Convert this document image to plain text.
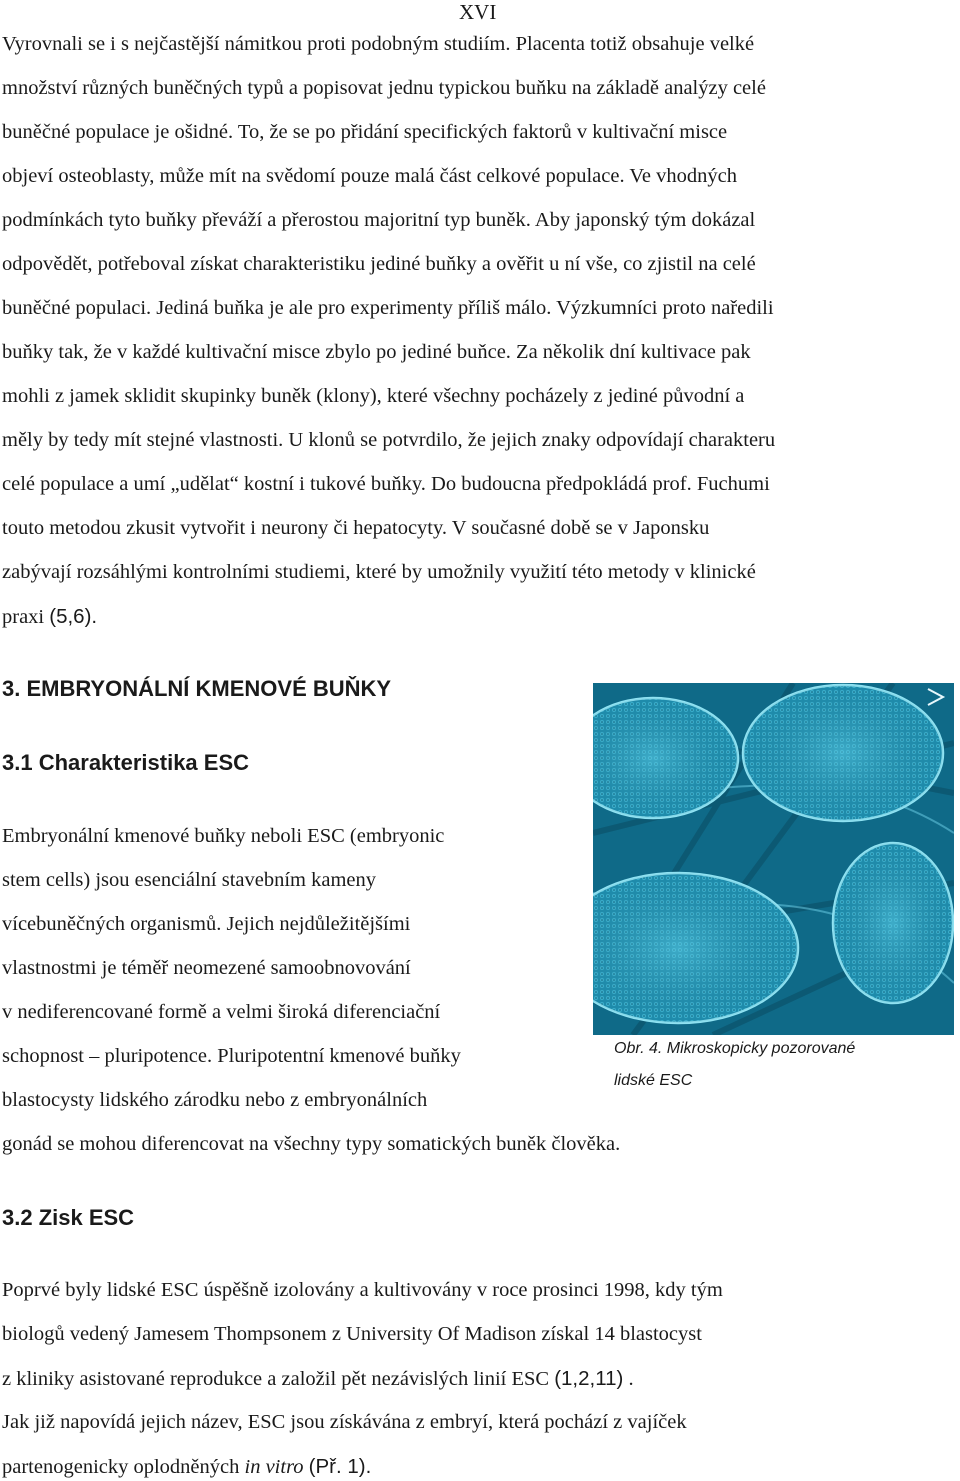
XVI
Vyrovnali se i s nejčastější námitkou proti podobným studiím. Placenta totiž obsahuje velké
množství různých buněčných typů a popisovat jednu typickou buňku na základě analýzy celé
buněčné populace je ošidné. To, že se po přidání specifických faktorů v kultivační misce
objeví osteoblasty, může mít na svědomí pouze malá část celkové populace. Ve vhodných
podmínkách tyto buňky převáží a přerostou majoritní typ buněk. Aby japonský tým dokázal
odpovědět, potřeboval získat charakteristiku jediné buňky a ověřit u ní vše, co zjistil na celé
buněčné populaci. Jediná buňka je ale pro experimenty příliš málo. Výzkumníci proto naředili
buňky tak, že v každé kultivační misce zbylo po jediné buňce. Za několik dní kultivace pak
mohli z jamek sklidit skupinky buněk (klony), které všechny pocházely z jediné původní a
měly by tedy mít stejné vlastnosti. U klonů se potvrdilo, že jejich znaky odpovídají charakteru
celé populace a umí „udělat“ kostní i tukové buňky. Do budoucna předpokládá prof. Fuchumi
touto metodou zkusit vytvořit i neurony či hepatocyty. V současné době se v Japonsku
zabývají rozsáhlými kontrolními studiemi, které by umožnily využití této metody v klinické
praxi (5,6).
3. EMBRYONÁLNÍ KMENOVÉ BUŇKY
3.1 Charakteristika ESC
Embryonální kmenové buňky neboli ESC (embryonic
stem cells) jsou esenciální stavebním kameny
vícebuněčných organismů. Jejich nejdůležitějšími
vlastnostmi je téměř neomezené samoobnovování
v nediferencované formě a velmi široká diferenciační
schopnost – pluripotence. Pluripotentní kmenové buňky
blastocysty lidského zárodku nebo z embryonálních
gonád se mohou diferencovat na všechny typy somatických buněk člověka.
Obr. 4. Mikroskopicky pozorované
lidské ESC
3.2 Zisk ESC
Poprvé byly lidské ESC úspěšně izolovány a kultivovány v roce prosinci 1998, kdy tým
biologů vedený Jamesem Thompsonem z University Of Madison získal 14 blastocyst
z kliniky asistované reprodukce a založil pět nezávislých linií ESC (1,2,11) .
Jak již napovídá jejich název, ESC jsou získávána z embryí, která pochází z vajíček
partenogenicky oplodněných in vitro (Př. 1).
